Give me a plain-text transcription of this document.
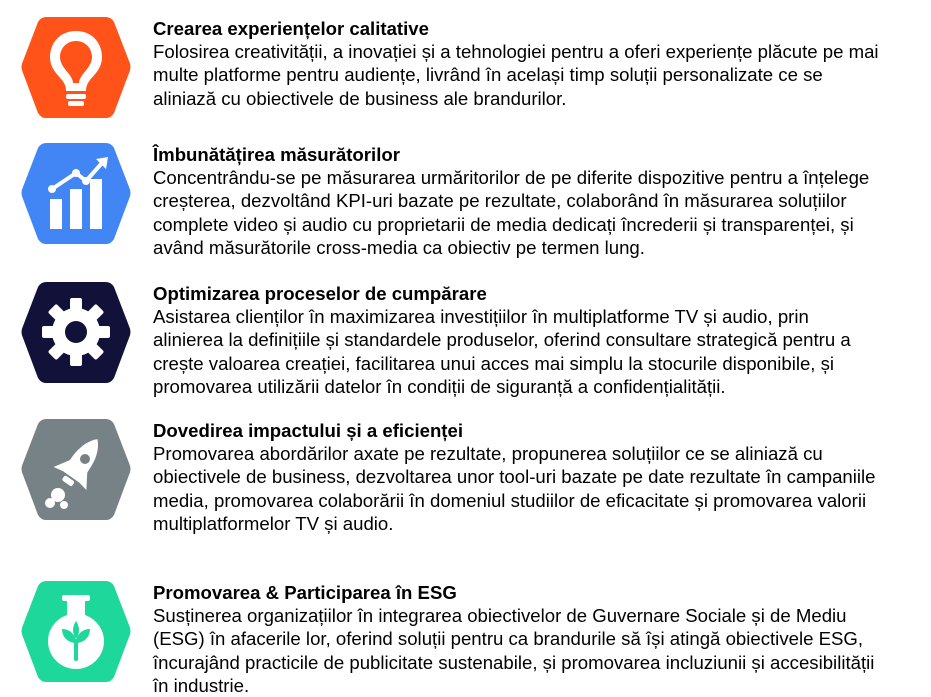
Crearea experiențelor calitative
Folosirea creativității, a inovației și a tehnologiei pentru a oferi experiențe plăcute pe mai
multe platforme pentru audiențe, livrând în același timp soluții personalizate ce se
aliniază cu obiectivele de business ale brandurilor.
Îmbunătățirea măsurătorilor
Concentrându-se pe măsurarea urmăritorilor de pe diferite dispozitive pentru a înțelege
creșterea, dezvoltând KPI-uri bazate pe rezultate, colaborând în măsurarea soluțiilor
complete video și audio cu proprietarii de media dedicați încrederii și transparenței, și
având măsurătorile cross-media ca obiectiv pe termen lung.
Optimizarea proceselor de cumpărare
Asistarea clienților în maximizarea investițiilor în multiplatforme TV și audio, prin
alinierea la definițiile și standardele produselor, oferind consultare strategică pentru a
crește valoarea creației, facilitarea unui acces mai simplu la stocurile disponibile, și
promovarea utilizării datelor în condiții de siguranță a confidențialității.
Dovedirea impactului și a eficienței
Promovarea abordărilor axate pe rezultate, propunerea soluțiilor ce se aliniază cu
obiectivele de business, dezvoltarea unor tool-uri bazate pe date rezultate în campaniile
media, promovarea colaborării în domeniul studiilor de eficacitate și promovarea valorii
multiplatformelor TV și audio.
Promovarea & Participarea în ESG
Susținerea organizațiilor în integrarea obiectivelor de Guvernare Sociale și de Mediu
(ESG) în afacerile lor, oferind soluții pentru ca brandurile să își atingă obiectivele ESG,
încurajând practicile de publicitate sustenabile, și promovarea incluziunii și accesibilității
în industrie.
